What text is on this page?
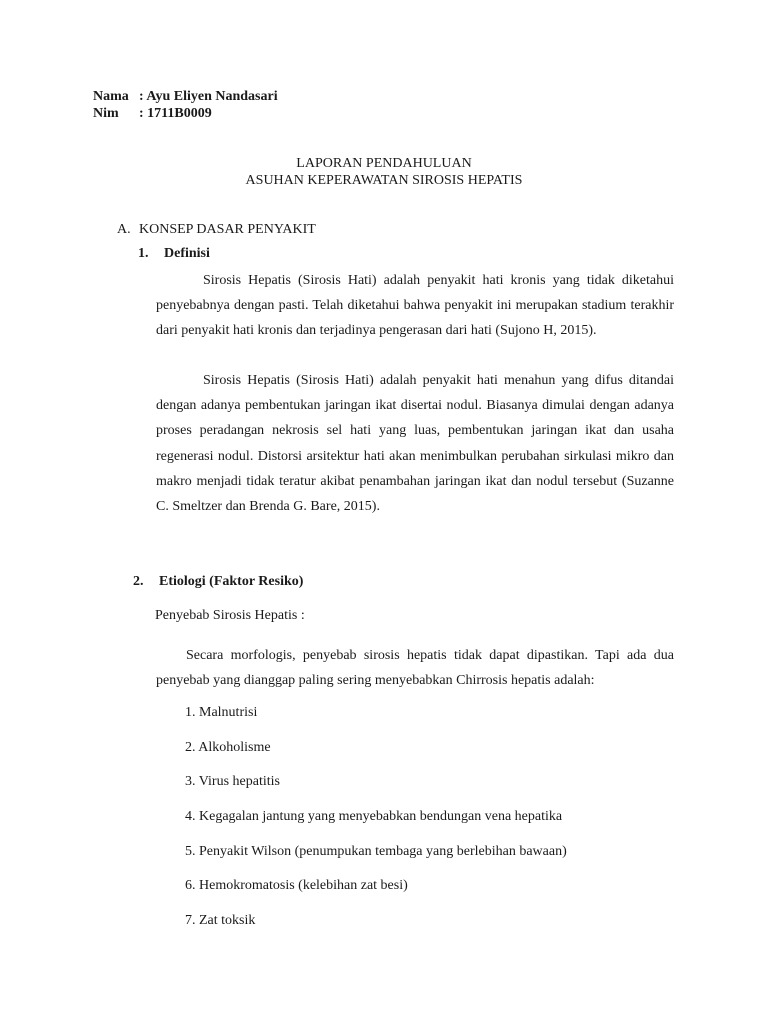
Nama : Ayu Eliyen Nandasari
Nim	: 1711B0009
LAPORAN PENDAHULUAN
ASUHAN KEPERAWATAN SIROSIS HEPATIS
A. KONSEP DASAR PENYAKIT
1. Definisi

Sirosis Hepatis (Sirosis Hati) adalah penyakit hati kronis yang tidak diketahui penyebabnya dengan pasti. Telah diketahui bahwa penyakit ini merupakan stadium terakhir dari penyakit hati kronis dan terjadinya pengerasan dari hati (Sujono H, 2015).

Sirosis Hepatis (Sirosis Hati) adalah penyakit hati menahun yang difus ditandai dengan adanya pembentukan jaringan ikat disertai nodul. Biasanya dimulai dengan adanya proses peradangan nekrosis sel hati yang luas, pembentukan jaringan ikat dan usaha regenerasi nodul. Distorsi arsitektur hati akan menimbulkan perubahan sirkulasi mikro dan makro menjadi tidak teratur akibat penambahan jaringan ikat dan nodul tersebut (Suzanne C. Smeltzer dan Brenda G. Bare, 2015).

2. Etiologi (Faktor Resiko)
Penyebab Sirosis Hepatis :

Secara morfologis, penyebab sirosis hepatis tidak dapat dipastikan. Tapi ada dua penyebab yang dianggap paling sering menyebabkan Chirrosis hepatis adalah:

1. Malnutrisi
2. Alkoholisme
3. Virus hepatitis
4. Kegagalan jantung yang menyebabkan bendungan vena hepatika
5. Penyakit Wilson (penumpukan tembaga yang berlebihan bawaan)
6. Hemokromatosis (kelebihan zat besi)
7. Zat toksik
